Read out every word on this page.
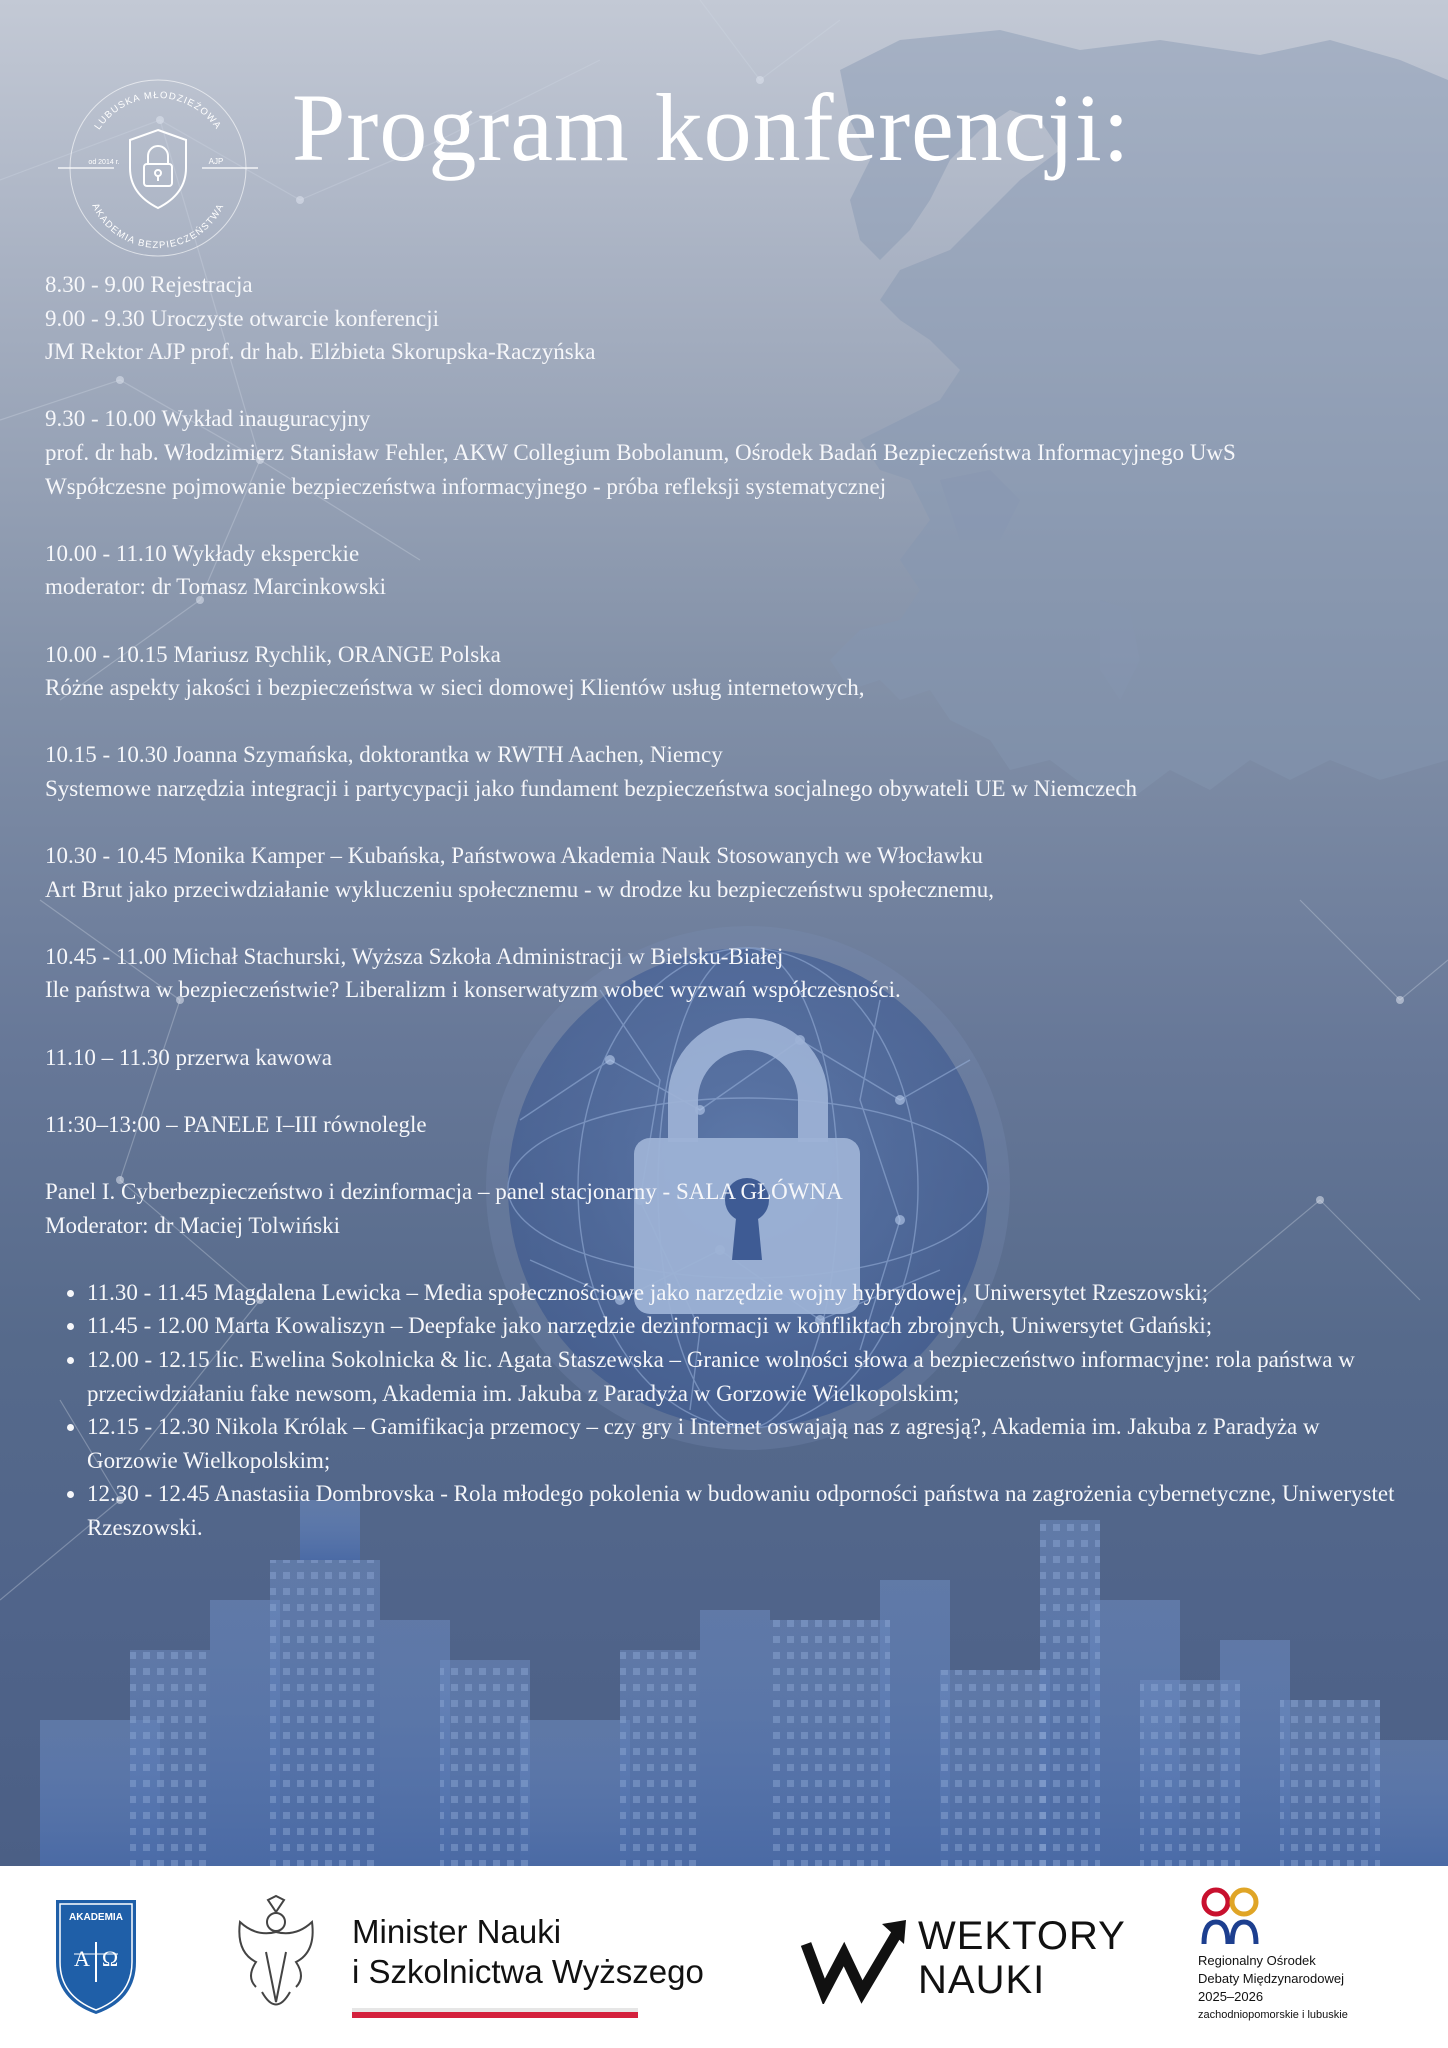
LUBUSKA MŁODZIEŻOWA
AKADEMIA BEZPIECZEŃSTWA
od 2014 r.	AJP Program konferencji:

8.30 - 9.00 Rejestracja
9.00 - 9.30 Uroczyste otwarcie konferencji
JM Rektor AJP prof. dr hab. Elżbieta Skorupska-Raczyńska

9.30 - 10.00 Wykład inauguracyjny
prof. dr hab. Włodzimierz Stanisław Fehler, AKW Collegium Bobolanum, Ośrodek Badań Bezpieczeństwa Informacyjnego UwS
Współczesne pojmowanie bezpieczeństwa informacyjnego - próba refleksji systematycznej

10.00 - 11.10 Wykłady eksperckie
moderator: dr Tomasz Marcinkowski

10.00 - 10.15 Mariusz Rychlik, ORANGE Polska
Różne aspekty jakości i bezpieczeństwa w sieci domowej Klientów usług internetowych,

10.15 - 10.30 Joanna Szymańska, doktorantka w RWTH Aachen, Niemcy
Systemowe narzędzia integracji i partycypacji jako fundament bezpieczeństwa socjalnego obywateli UE w Niemczech

10.30 - 10.45 Monika Kamper – Kubańska, Państwowa Akademia Nauk Stosowanych we Włocławku
Art Brut jako przeciwdziałanie wykluczeniu społecznemu - w drodze ku bezpieczeństwu społecznemu,

10.45 - 11.00 Michał Stachurski, Wyższa Szkoła Administracji w Bielsku-Białej
Ile państwa w bezpieczeństwie? Liberalizm i konserwatyzm wobec wyzwań współczesności.

11.10 – 11.30 przerwa kawowa

11:30–13:00 – PANELE I–III równolegle

Panel I. Cyberbezpieczeństwo i dezinformacja – panel stacjonarny - SALA GŁÓWNA
Moderator: dr Maciej Tolwiński

• 11.30 - 11.45 Magdalena Lewicka – Media społecznościowe jako narzędzie wojny hybrydowej, Uniwersytet Rzeszowski;
• 11.45 - 12.00 Marta Kowaliszyn – Deepfake jako narzędzie dezinformacji w konfliktach zbrojnych, Uniwersytet Gdański;
• 12.00 - 12.15 lic. Ewelina Sokolnicka & lic. Agata Staszewska – Granice wolności słowa a bezpieczeństwo informacyjne: rola państwa w przeciwdziałaniu fake newsom, Akademia im. Jakuba z Paradyża w Gorzowie Wielkopolskim;
• 12.15 - 12.30 Nikola Królak – Gamifikacja przemocy – czy gry i Internet oswajają nas z agresją?, Akademia im. Jakuba z Paradyża w Gorzowie Wielkopolskim;
• 12.30 - 12.45 Anastasiia Dombrovska - Rola młodego pokolenia w budowaniu odporności państwa na zagrożenia cybernetyczne, Uniwerystet Rzeszowski.
AKADEMIA
A Ω
Minister Nauki
i Szkolnictwa Wyższego
WEKTORY
NAUKI	Regionalny Ośrodek
Debaty Międzynarodowej
2025–2026
zachodniopomorskie i lubuskie
